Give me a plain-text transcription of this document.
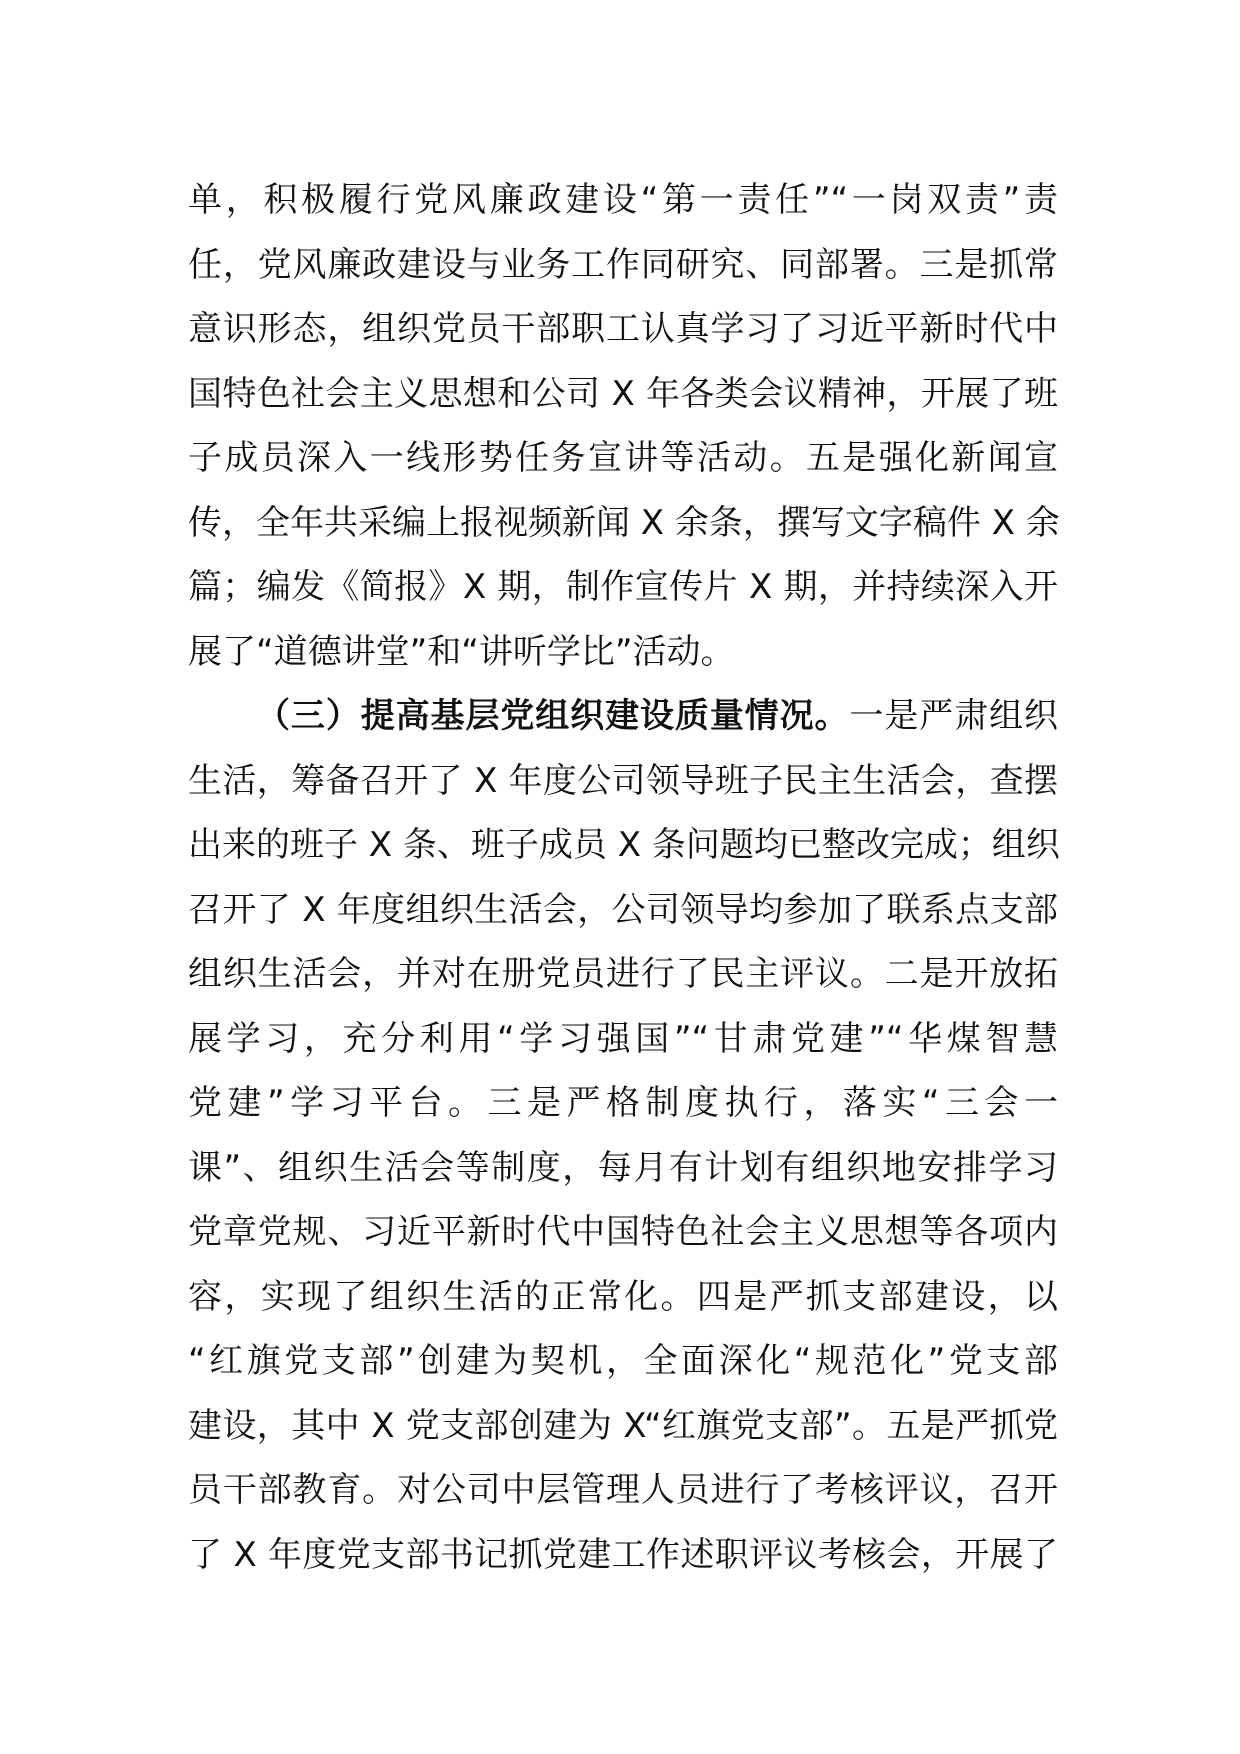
单，积极履行党风廉政建设“第一责任”“一岗双责”责
任，党风廉政建设与业务工作同研究、同部署。三是抓常
意识形态，组织党员干部职工认真学习了习近平新时代中
国特色社会主义思想和公司 X 年各类会议精神，开展了班
子成员深入一线形势任务宣讲等活动。五是强化新闻宣
传，全年共采编上报视频新闻 X 余条，撰写文字稿件 X 余
篇；编发《简报》X 期，制作宣传片 X 期，并持续深入开
展了“道德讲堂”和“讲听学比”活动。
（三）提高基层党组织建设质量情况。一是严肃组织
生活，筹备召开了 X 年度公司领导班子民主生活会，查摆
出来的班子 X 条、班子成员 X 条问题均已整改完成；组织
召开了 X 年度组织生活会，公司领导均参加了联系点支部
组织生活会，并对在册党员进行了民主评议。二是开放拓
展学习，充分利用“学习强国”“甘肃党建”“华煤智慧
党建”学习平台。三是严格制度执行，落实“三会一
课”、组织生活会等制度，每月有计划有组织地安排学习
党章党规、习近平新时代中国特色社会主义思想等各项内
容，实现了组织生活的正常化。四是严抓支部建设，以
“红旗党支部”创建为契机，全面深化“规范化”党支部
建设，其中 X 党支部创建为 X“红旗党支部”。五是严抓党
员干部教育。对公司中层管理人员进行了考核评议，召开
了 X 年度党支部书记抓党建工作述职评议考核会，开展了
